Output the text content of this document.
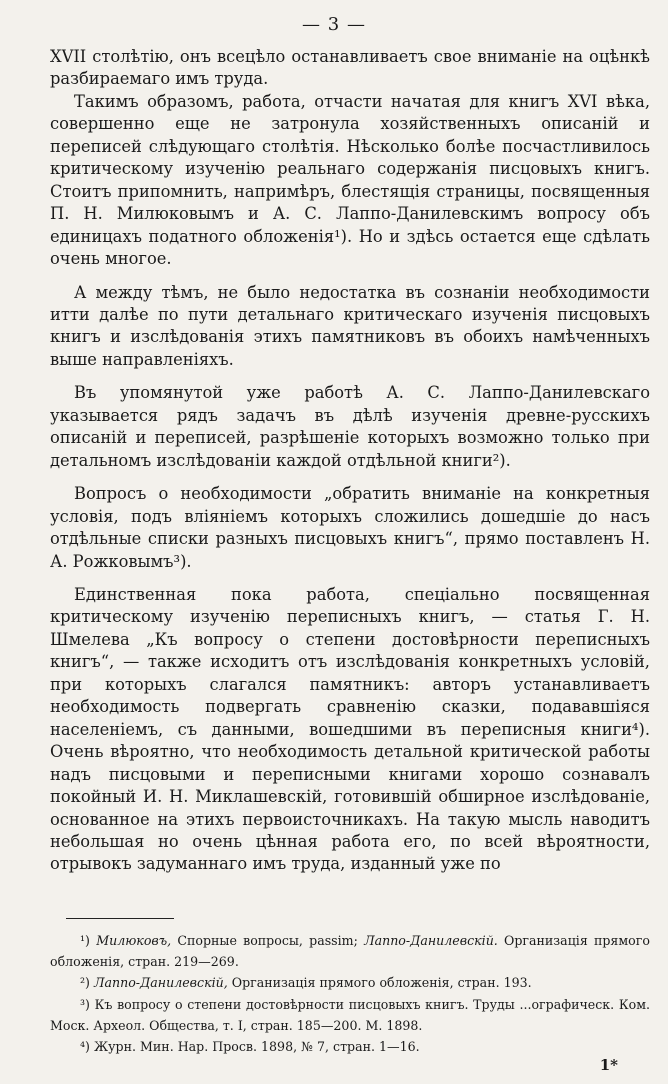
— 3 —

XVII столѣтію, онъ всецѣло останавливаетъ свое вниманіе на оцѣнкѣ разбираемаго имъ труда.

Такимъ образомъ, работа, отчасти начатая для книгъ XVI вѣка, совершенно еще не затронула хозяйственныхъ описаній и переписей слѣдующаго столѣтія. Нѣсколько болѣе посчастливилось критическому изученію реальнаго содержанія писцовыхъ книгъ. Стоитъ припомнить, напримѣръ, блестящія страницы, посвященныя П. Н. Милюковымъ и А. С. Лаппо-Данилевскимъ вопросу объ единицахъ податного обложенія¹). Но и здѣсь остается еще сдѣлать очень многое.

А между тѣмъ, не было недостатка въ сознаніи необходимости итти далѣе по пути детальнаго критическаго изученія писцовыхъ книгъ и изслѣдованія этихъ памятниковъ въ обоихъ намѣченныхъ выше направленіяхъ.

Въ упомянутой уже работѣ А. С. Лаппо-Данилевскаго указывается рядъ задачъ въ дѣлѣ изученія древне-русскихъ описаній и переписей, разрѣшеніе которыхъ возможно только при детальномъ изслѣдованіи каждой отдѣльной книги²).

Вопросъ о необходимости „обратить вниманіе на конкретныя условія, подъ вліяніемъ которыхъ сложились дошедшіе до насъ отдѣльные списки разныхъ писцовыхъ книгъ“, прямо поставленъ Н. А. Рожковымъ³).

Единственная пока работа, спеціально посвященная критическому изученію переписныхъ книгъ, — статья Г. Н. Шмелева „Къ вопросу о степени достовѣрности переписныхъ книгъ“, — также исходитъ отъ изслѣдованія конкретныхъ условій, при которыхъ слагался памятникъ: авторъ устанавливаетъ необходимость подвергать сравненію сказки, подававшіяся населеніемъ, съ данными, вошедшими въ переписныя книги⁴). Очень вѣроятно, что необходимость детальной критической работы надъ писцовыми и переписными книгами хорошо сознавалъ покойный И. Н. Миклашевскій, готовившій обширное изслѣдованіе, основанное на этихъ первоисточникахъ. На такую мысль наводитъ небольшая но очень цѣнная работа его, по всей вѣроятности, отрывокъ задуманнаго имъ труда, изданный уже по

¹) Милюковъ, Спорные вопросы, passim; Лаппо-Данилевскій. Организація прямого обложенія, стран. 219—269.

²) Лаппо-Данилевскій, Организація прямого обложенія, стран. 193.

³) Къ вопросу о степени достовѣрности писцовыхъ книгъ. Труды ...ографическ. Ком. Моск. Археол. Общества, т. I, стран. 185—200. М. 1898.

⁴) Журн. Мин. Нар. Просв. 1898, № 7, стран. 1—16.

1*
